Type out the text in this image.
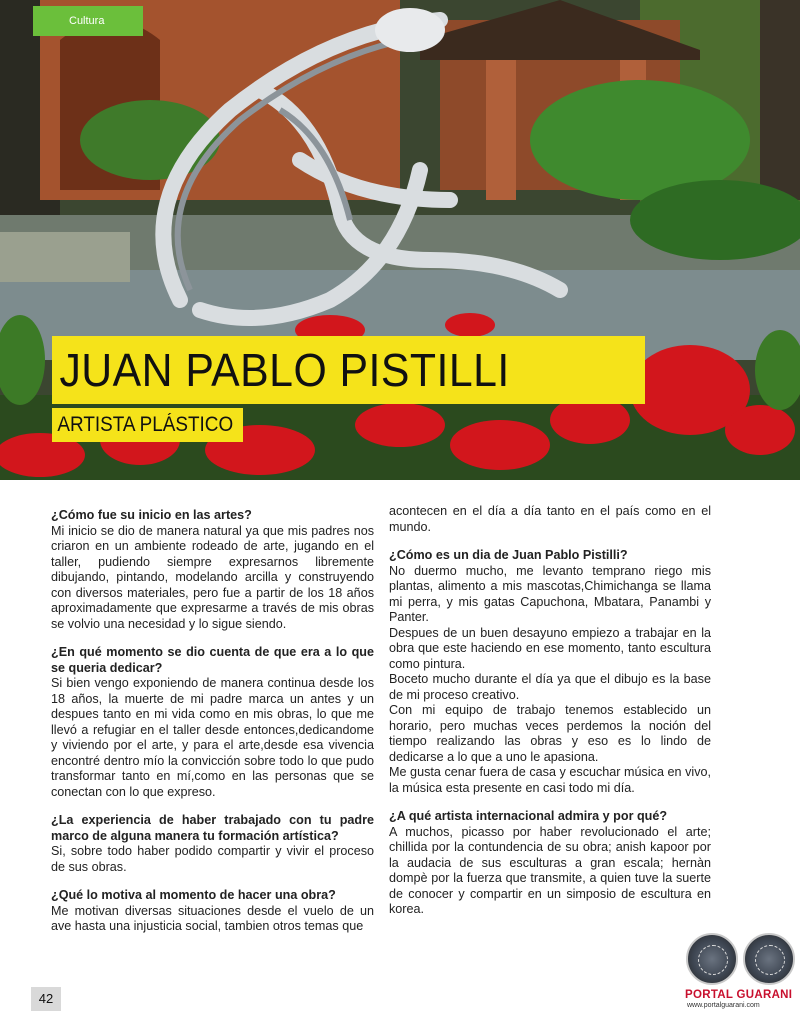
Cultura
JUAN PABLO PISTILLI
ARTISTA PLÁSTICO

¿Cómo fue su inicio en las artes?

Mi inicio se dio de manera natural ya que mis padres nos criaron en un ambiente rodeado de arte, jugando en el taller, pudiendo siempre expresarnos libremente dibujando, pintando, modelando arcilla y construyendo con diversos materiales, pero fue a partir de los 18 años aproximadamente que expresarme a través de mis obras se volvio una necesidad y lo sigue siendo.

¿En qué momento se dio cuenta de que era a lo que se queria dedicar?

Si bien vengo exponiendo de manera continua desde los 18 años, la muerte de mi padre marca un antes y un despues tanto en mi vida como en mis obras, lo que me llevó a refugiar en el taller desde entonces,dedicandome y viviendo por el arte, y para el arte,desde esa vivencia encontré dentro mío la convicción sobre todo lo que pudo transformar tanto en mí,como en las personas que se conectan con lo que expreso.

¿La experiencia de haber trabajado con tu padre marco de alguna manera tu formación artística?

Si, sobre todo haber podido compartir y vivir el proceso de sus obras.

¿Qué lo motiva al momento de hacer una obra?

Me motivan diversas situaciones desde el vuelo de un ave hasta una injusticia social, tambien otros temas que

acontecen en el día a día tanto en el país como en el mundo.

¿Cómo es un dia de Juan Pablo Pistilli?

No duermo mucho, me levanto temprano riego mis plantas, alimento a mis mascotas,Chimichanga se llama mi perra, y mis gatas Capuchona, Mbatara, Panambi y Panter.

Despues de un buen desayuno empiezo a trabajar en la obra que este haciendo en ese momento, tanto escultura como pintura.

Boceto mucho durante el día ya que el dibujo es la base de mi proceso creativo.

Con mi equipo de trabajo tenemos establecido un horario, pero muchas veces perdemos la noción del tiempo realizando las obras y eso es lo lindo de dedicarse a lo que a uno le apasiona.

Me gusta cenar fuera de casa y escuchar música en vivo, la música esta presente en casi todo mi día.

¿A qué artista internacional admira y por qué?

A muchos, picasso por haber revolucionado el arte; chillida por la contundencia de su obra; anish kapoor por la audacia de sus esculturas a gran escala; hernàn dompè por la fuerza que transmite, a quien tuve la suerte de conocer y compartir en un simposio de escultura en korea.

42	PORTAL GUARANI
www.portalguarani.com
